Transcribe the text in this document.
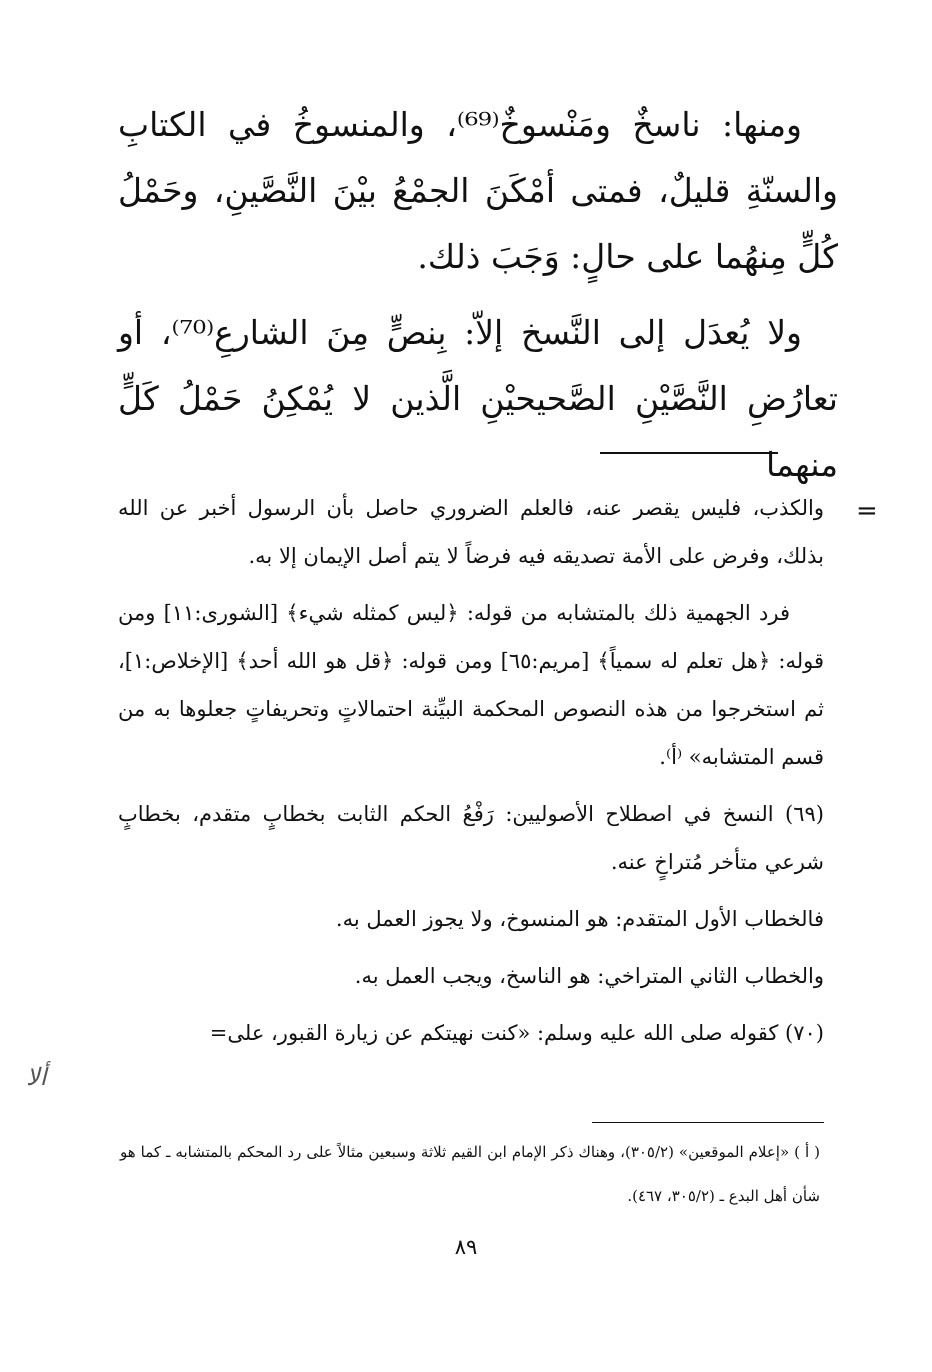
ومنها: ناسخٌ ومَنْسوخٌ⁽⁶⁹⁾، والمنسوخُ في الكتابِ والسنّةِ قليلٌ، فمتى أمْكَنَ الجمْعُ بيْنَ النَّصَّينِ، وحَمْلُ كُلٍّ مِنهُما على حالٍ: وَجَبَ ذلك.

ولا يُعدَل إلى النَّسخ إلاّ: بِنصٍّ مِنَ الشارعِ⁽⁷⁰⁾، أو تعارُضِ النَّصَّيْنِ الصَّحيحيْنِ الَّذين لا يُمْكِنُ حَمْلُ كَلٍّ منهما

=

والكذب، فليس يقصر عنه، فالعلم الضروري حاصل بأن الرسول أخبر عن الله بذلك، وفرض على الأمة تصديقه فيه فرضاً لا يتم أصل الإيمان إلا به.

فرد الجهمية ذلك بالمتشابه من قوله: ﴿ليس كمثله شيء﴾ [الشورى:١١] ومن قوله: ﴿هل تعلم له سمياً﴾ [مريم:٦٥] ومن قوله: ﴿قل هو الله أحد﴾ [الإخلاص:١]، ثم استخرجوا من هذه النصوص المحكمة البيِّنة احتمالاتٍ وتحريفاتٍ جعلوها به من قسم المتشابه» ⁽أ⁾.

(٦٩) النسخ في اصطلاح الأصوليين: رَفْعُ الحكم الثابت بخطابٍ متقدم، بخطابٍ شرعي متأخر مُتراخٍ عنه.

فالخطاب الأول المتقدم: هو المنسوخ، ولا يجوز العمل به.

والخطاب الثاني المتراخي: هو الناسخ، ويجب العمل به.

(٧٠) كقوله صلى الله عليه وسلم: «كنت نهيتكم عن زيارة القبور، على=

ألا

( أ ) «إعلام الموقعين» (٣٠٥/٢)، وهناك ذكر الإمام ابن القيم ثلاثة وسبعين مثالاً على رد المحكم بالمتشابه ـ كما هو شأن أهل البدع ـ (٣٠٥/٢، ٤٦٧).

٨٩
